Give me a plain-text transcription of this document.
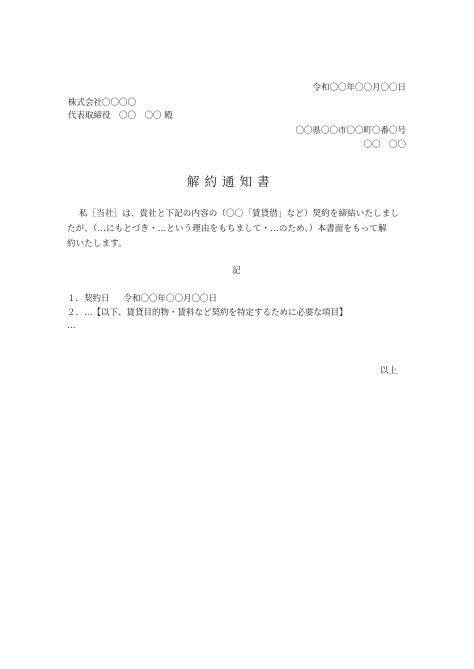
令和〇〇年〇〇月〇〇日
株式会社〇〇〇〇
代表取締役　〇〇　〇〇 殿
〇〇県〇〇市〇〇町〇番〇号
〇〇　〇〇
解約通知書
私［当社］は、貴社と下記の内容の（〇〇「賃貸借」など）契約を締結いたしまし
たが、（…にもとづき・…という理由をもちまして・…のため、）本書面をもって解
約いたします。
記
１．契約日 令和〇〇年〇〇月〇〇日
２．…【以下、賃貸目的物・賃料など契約を特定するために必要な項目】
…
以上
